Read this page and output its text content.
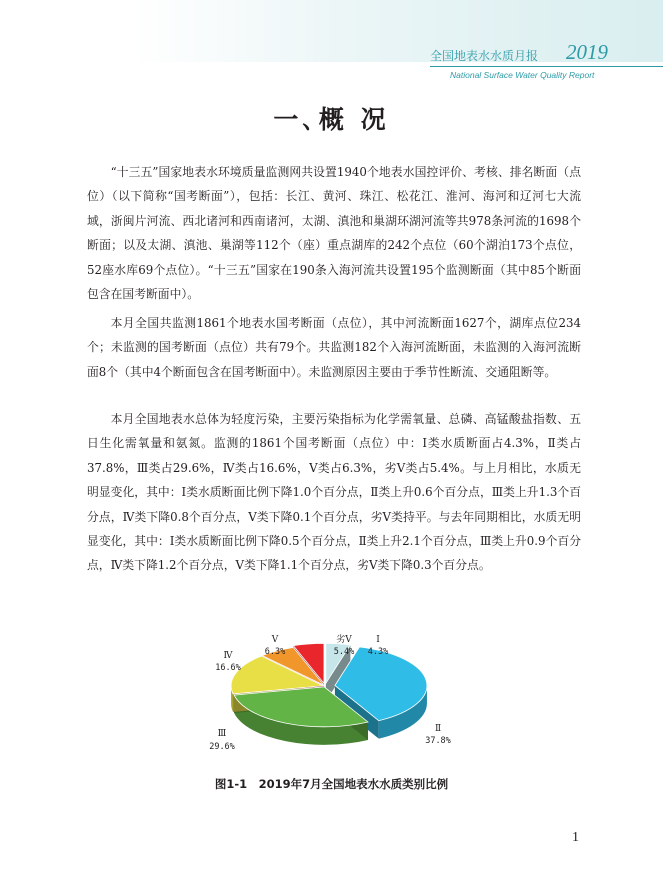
全国地表水水质月报 2019
National Surface Water Quality Report
一､概 况

“十三五”国家地表水环境质量监测网共设置1940个地表水国控评价、考核、排名断面（点位）（以下简称“国考断面”），包括：长江、黄河、珠江、松花江、淮河、海河和辽河七大流域，浙闽片河流、西北诸河和西南诸河，太湖、滇池和巢湖环湖河流等共978条河流的1698个断面；以及太湖、滇池、巢湖等112个（座）重点湖库的242个点位（60个湖泊173个点位，52座水库69个点位）。“十三五”国家在190条入海河流共设置195个监测断面（其中85个断面包含在国考断面中）。

本月全国共监测1861个地表水国考断面（点位），其中河流断面1627个，湖库点位234个；未监测的国考断面（点位）共有79个。共监测182个入海河流断面，未监测的入海河流断面8个（其中4个断面包含在国考断面中）。未监测原因主要由于季节性断流、交通阻断等。

本月全国地表水总体为轻度污染，主要污染指标为化学需氧量、总磷、高锰酸盐指数、五日生化需氧量和氨氮。监测的1861个国考断面（点位）中：Ⅰ类水质断面占4.3%，Ⅱ类占37.8%，Ⅲ类占29.6%，Ⅳ类占16.6%，Ⅴ类占6.3%，劣Ⅴ类占5.4%。与上月相比，水质无明显变化，其中：Ⅰ类水质断面比例下降1.0个百分点，Ⅱ类上升0.6个百分点，Ⅲ类上升1.3个百分点，Ⅳ类下降0.8个百分点，Ⅴ类下降0.1个百分点，劣Ⅴ类持平。与去年同期相比，水质无明显变化，其中：Ⅰ类水质断面比例下降0.5个百分点，Ⅱ类上升2.1个百分点，Ⅲ类上升0.9个百分点，Ⅳ类下降1.2个百分点，Ⅴ类下降1.1个百分点，劣Ⅴ类下降0.3个百分点。

Ⅰ
4.3%
Ⅱ
37.8%
Ⅲ
29.6%
Ⅳ
16.6%
Ⅴ
6.3%
劣Ⅴ
5.4%
图1-1　2019年7月全国地表水水质类别比例
1
